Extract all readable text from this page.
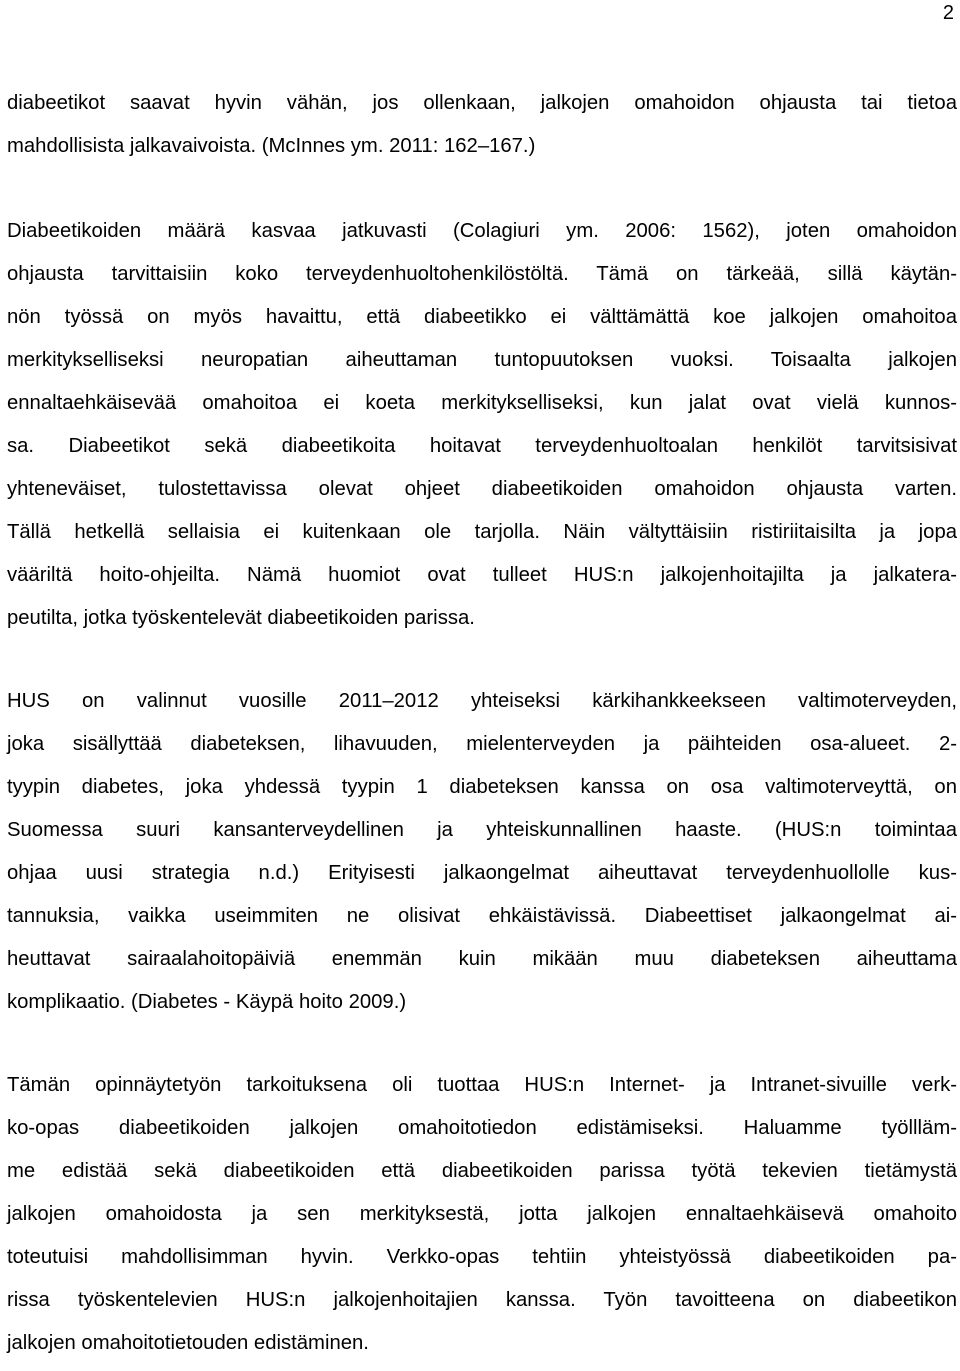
2
diabeetikot saavat hyvin vähän, jos ollenkaan, jalkojen omahoidon ohjausta tai tietoa
mahdollisista jalkavaivoista. (McInnes ym. 2011: 162–167.)
Diabeetikoiden määrä kasvaa jatkuvasti (Colagiuri ym. 2006: 1562), joten omahoidon
ohjausta tarvittaisiin koko terveydenhuoltohenkilöstöltä. Tämä on tärkeää, sillä käytän-
nön työssä on myös havaittu, että diabeetikko ei välttämättä koe jalkojen omahoitoa
merkitykselliseksi neuropatian aiheuttaman tuntopuutoksen vuoksi. Toisaalta jalkojen
ennaltaehkäisevää omahoitoa ei koeta merkitykselliseksi, kun jalat ovat vielä kunnos-
sa. Diabeetikot sekä diabeetikoita hoitavat terveydenhuoltoalan henkilöt tarvitsisivat
yhteneväiset, tulostettavissa olevat ohjeet diabeetikoiden omahoidon ohjausta varten.
Tällä hetkellä sellaisia ei kuitenkaan ole tarjolla. Näin vältyttäisiin ristiriitaisilta ja jopa
vääriltä hoito-ohjeilta. Nämä huomiot ovat tulleet HUS:n jalkojenhoitajilta ja jalkatera-
peutilta, jotka työskentelevät diabeetikoiden parissa.
HUS on valinnut vuosille 2011–2012 yhteiseksi kärkihankkeekseen valtimoterveyden,
joka sisällyttää diabeteksen, lihavuuden, mielenterveyden ja päihteiden osa-alueet. 2-
tyypin diabetes, joka yhdessä tyypin 1 diabeteksen kanssa on osa valtimoterveyttä, on
Suomessa suuri kansanterveydellinen ja yhteiskunnallinen haaste. (HUS:n toimintaa
ohjaa uusi strategia n.d.) Erityisesti jalkaongelmat aiheuttavat terveydenhuollolle kus-
tannuksia, vaikka useimmiten ne olisivat ehkäistävissä. Diabeettiset jalkaongelmat ai-
heuttavat sairaalahoitopäiviä enemmän kuin mikään muu diabeteksen aiheuttama
komplikaatio. (Diabetes - Käypä hoito 2009.)
Tämän opinnäytetyön tarkoituksena oli tuottaa HUS:n Internet- ja Intranet-sivuille verk-
ko-opas diabeetikoiden jalkojen omahoitotiedon edistämiseksi. Haluamme työllläm-
me edistää sekä diabeetikoiden että diabeetikoiden parissa työtä tekevien tietämystä
jalkojen omahoidosta ja sen merkityksestä, jotta jalkojen ennaltaehkäisevä omahoito
toteutuisi mahdollisimman hyvin. Verkko-opas tehtiin yhteistyössä diabeetikoiden pa-
rissa työskentelevien HUS:n jalkojenhoitajien kanssa. Työn tavoitteena on diabeetikon
jalkojen omahoitotietouden edistäminen.
